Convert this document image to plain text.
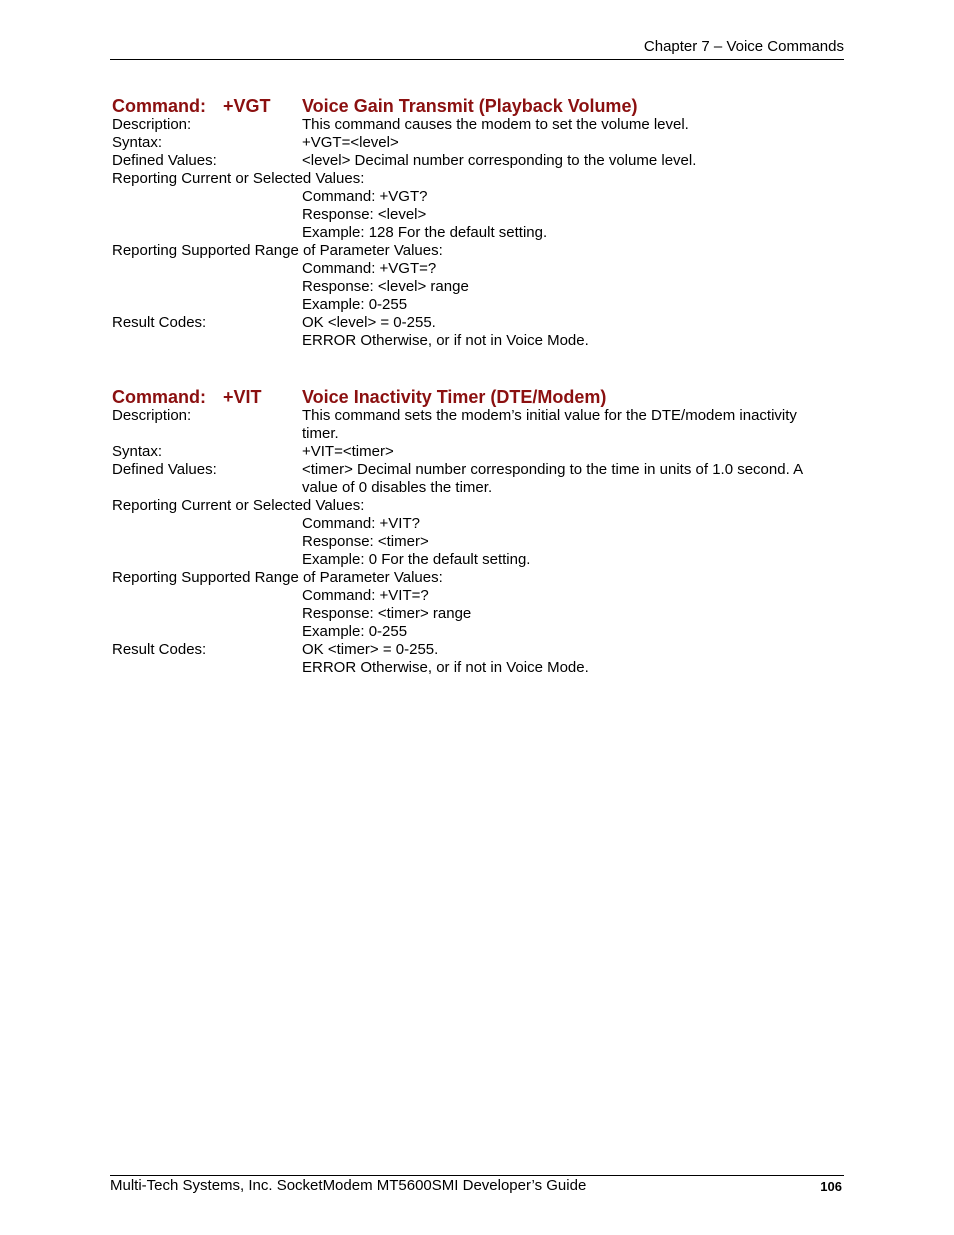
Chapter 7 – Voice Commands
Command: +VGT Voice Gain Transmit (Playback Volume)
Description:	This command causes the modem to set the volume level.
Syntax:	+VGT=<level>
Defined Values:	<level> Decimal number corresponding to the volume level.
Reporting Current or Selected Values:
Command: +VGT?
Response: <level>
Example: 128 For the default setting.
Reporting Supported Range of Parameter Values:
Command: +VGT=?
Response: <level> range
Example: 0-255
Result Codes:	OK <level> = 0-255.
ERROR Otherwise, or if not in Voice Mode.
Command: +VIT Voice Inactivity Timer (DTE/Modem)
Description:	This command sets the modem’s initial value for the DTE/modem inactivity timer.
Syntax:	+VIT=<timer>
Defined Values:	<timer> Decimal number corresponding to the time in units of 1.0 second. A value of 0 disables the timer.
Reporting Current or Selected Values:
Command: +VIT?
Response: <timer>
Example: 0 For the default setting.
Reporting Supported Range of Parameter Values:
Command: +VIT=?
Response: <timer> range
Example: 0-255
Result Codes:	OK <timer> = 0-255.
ERROR Otherwise, or if not in Voice Mode.
Multi-Tech Systems, Inc. SocketModem MT5600SMI Developer’s Guide	106
